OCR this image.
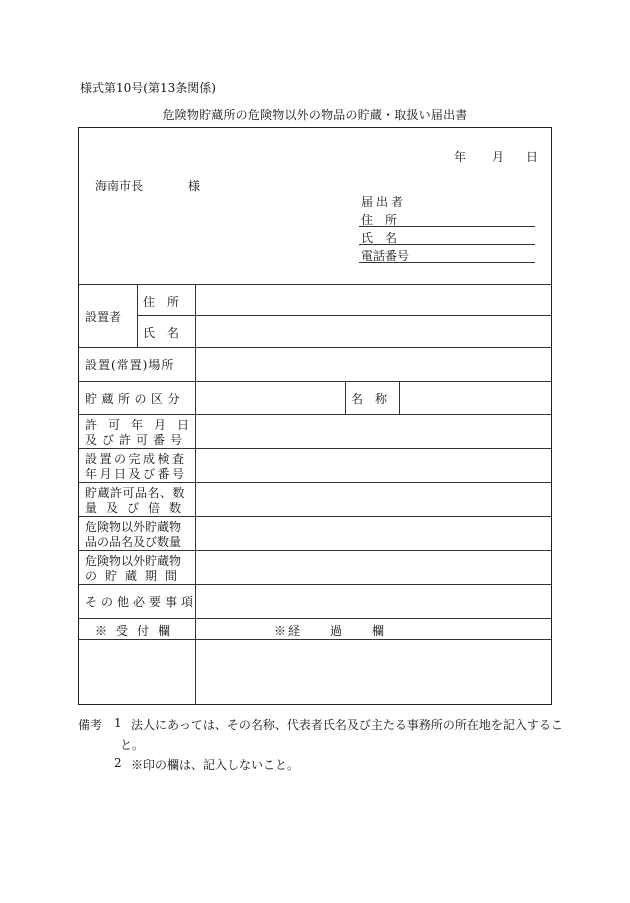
様式第10号(第13条関係)
危険物貯蔵所の危険物以外の物品の貯蔵・取扱い届出書
年 月 日
海南市長	様
届出者
住　所
氏　名
電話番号
設置者
住　所
氏　名
設置(常置)場所
貯蔵所の区分	名　称
許可年月日
及び許可番号
設置の完成検査
年月日及び番号
貯蔵許可品名、数
量及び倍数
危険物以外貯蔵物
品の品名及び数量
危険物以外貯蔵物
の貯蔵期間
その他必要事項
※受付欄	※経　　過　　欄
備考 1 法人にあっては、その名称、代表者氏名及び主たる事務所の所在地を記入するこ
と。
2 ※印の欄は、記入しないこと。
